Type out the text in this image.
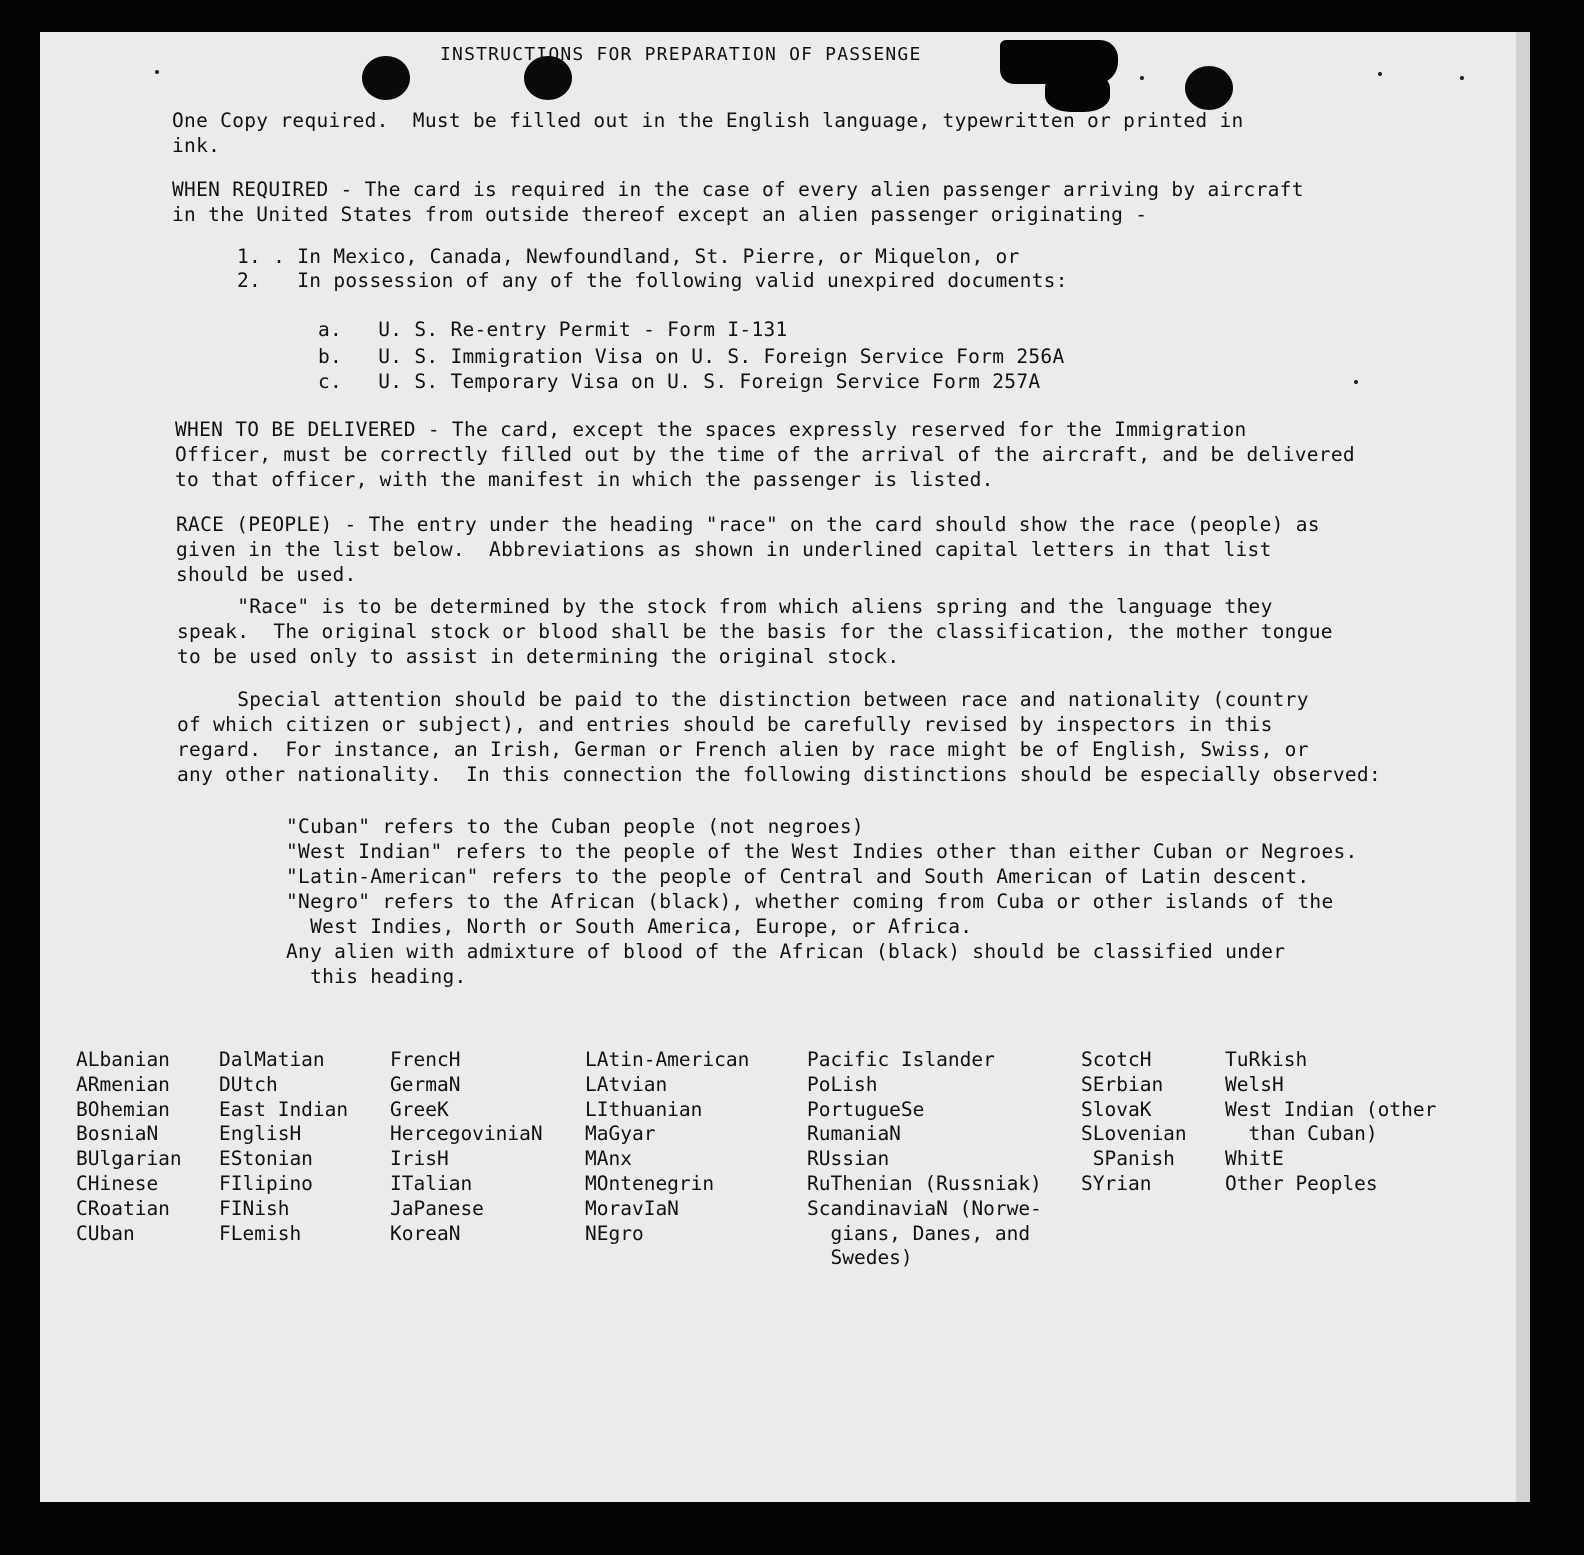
INSTRUCTIONS FOR PREPARATION OF PASSENGE

One Copy required.  Must be filled out in the English language, typewritten or printed in
ink.

WHEN REQUIRED - The card is required in the case of every alien passenger arriving by aircraft
in the United States from outside thereof except an alien passenger originating -

1. . In Mexico, Canada, Newfoundland, St. Pierre, or Miquelon, or

2.   In possession of any of the following valid unexpired documents:

a.   U. S. Re-entry Permit - Form I-131

b.   U. S. Immigration Visa on U. S. Foreign Service Form 256A

c.   U. S. Temporary Visa on U. S. Foreign Service Form 257A

WHEN TO BE DELIVERED - The card, except the spaces expressly reserved for the Immigration
Officer, must be correctly filled out by the time of the arrival of the aircraft, and be delivered
to that officer, with the manifest in which the passenger is listed.

RACE (PEOPLE) - The entry under the heading "race" on the card should show the race (people) as
given in the list below.  Abbreviations as shown in underlined capital letters in that list
should be used.

"Race" is to be determined by the stock from which aliens spring and the language they
speak.  The original stock or blood shall be the basis for the classification, the mother tongue
to be used only to assist in determining the original stock.

Special attention should be paid to the distinction between race and nationality (country
of which citizen or subject), and entries should be carefully revised by inspectors in this
regard.  For instance, an Irish, German or French alien by race might be of English, Swiss, or
any other nationality.  In this connection the following distinctions should be especially observed:

"Cuban" refers to the Cuban people (not negroes)
"West Indian" refers to the people of the West Indies other than either Cuban or Negroes.
"Latin-American" refers to the people of Central and South American of Latin descent.
"Negro" refers to the African (black), whether coming from Cuba or other islands of the
West Indies, North or South America, Europe, or Africa.
Any alien with admixture of blood of the African (black) should be classified under
this heading.

ALbanian
ARmenian
BOhemian
BosniaN
BUlgarian
CHinese
CRoatian
CUban
DalMatian
DUtch
East Indian
EnglisH
EStonian
FIlipino
FINish
FLemish
FrencH
GermaN
GreeK
HercegoviniaN
IrisH
ITalian
JaPanese
KoreaN
LAtin-American
LAtvian
LIthuanian
MaGyar
MAnx
MOntenegrin
MoravIaN
NEgro
Pacific Islander
PoLish
PortugueSe
RumaniaN
RUssian
RuThenian (Russniak)
ScandinaviaN (Norwe-
gians, Danes, and
Swedes)
ScotcH
SErbian
SlovaK
SLovenian
SPanish
SYrian
TuRkish
WelsH
West Indian (other
than Cuban)
WhitE
Other Peoples
